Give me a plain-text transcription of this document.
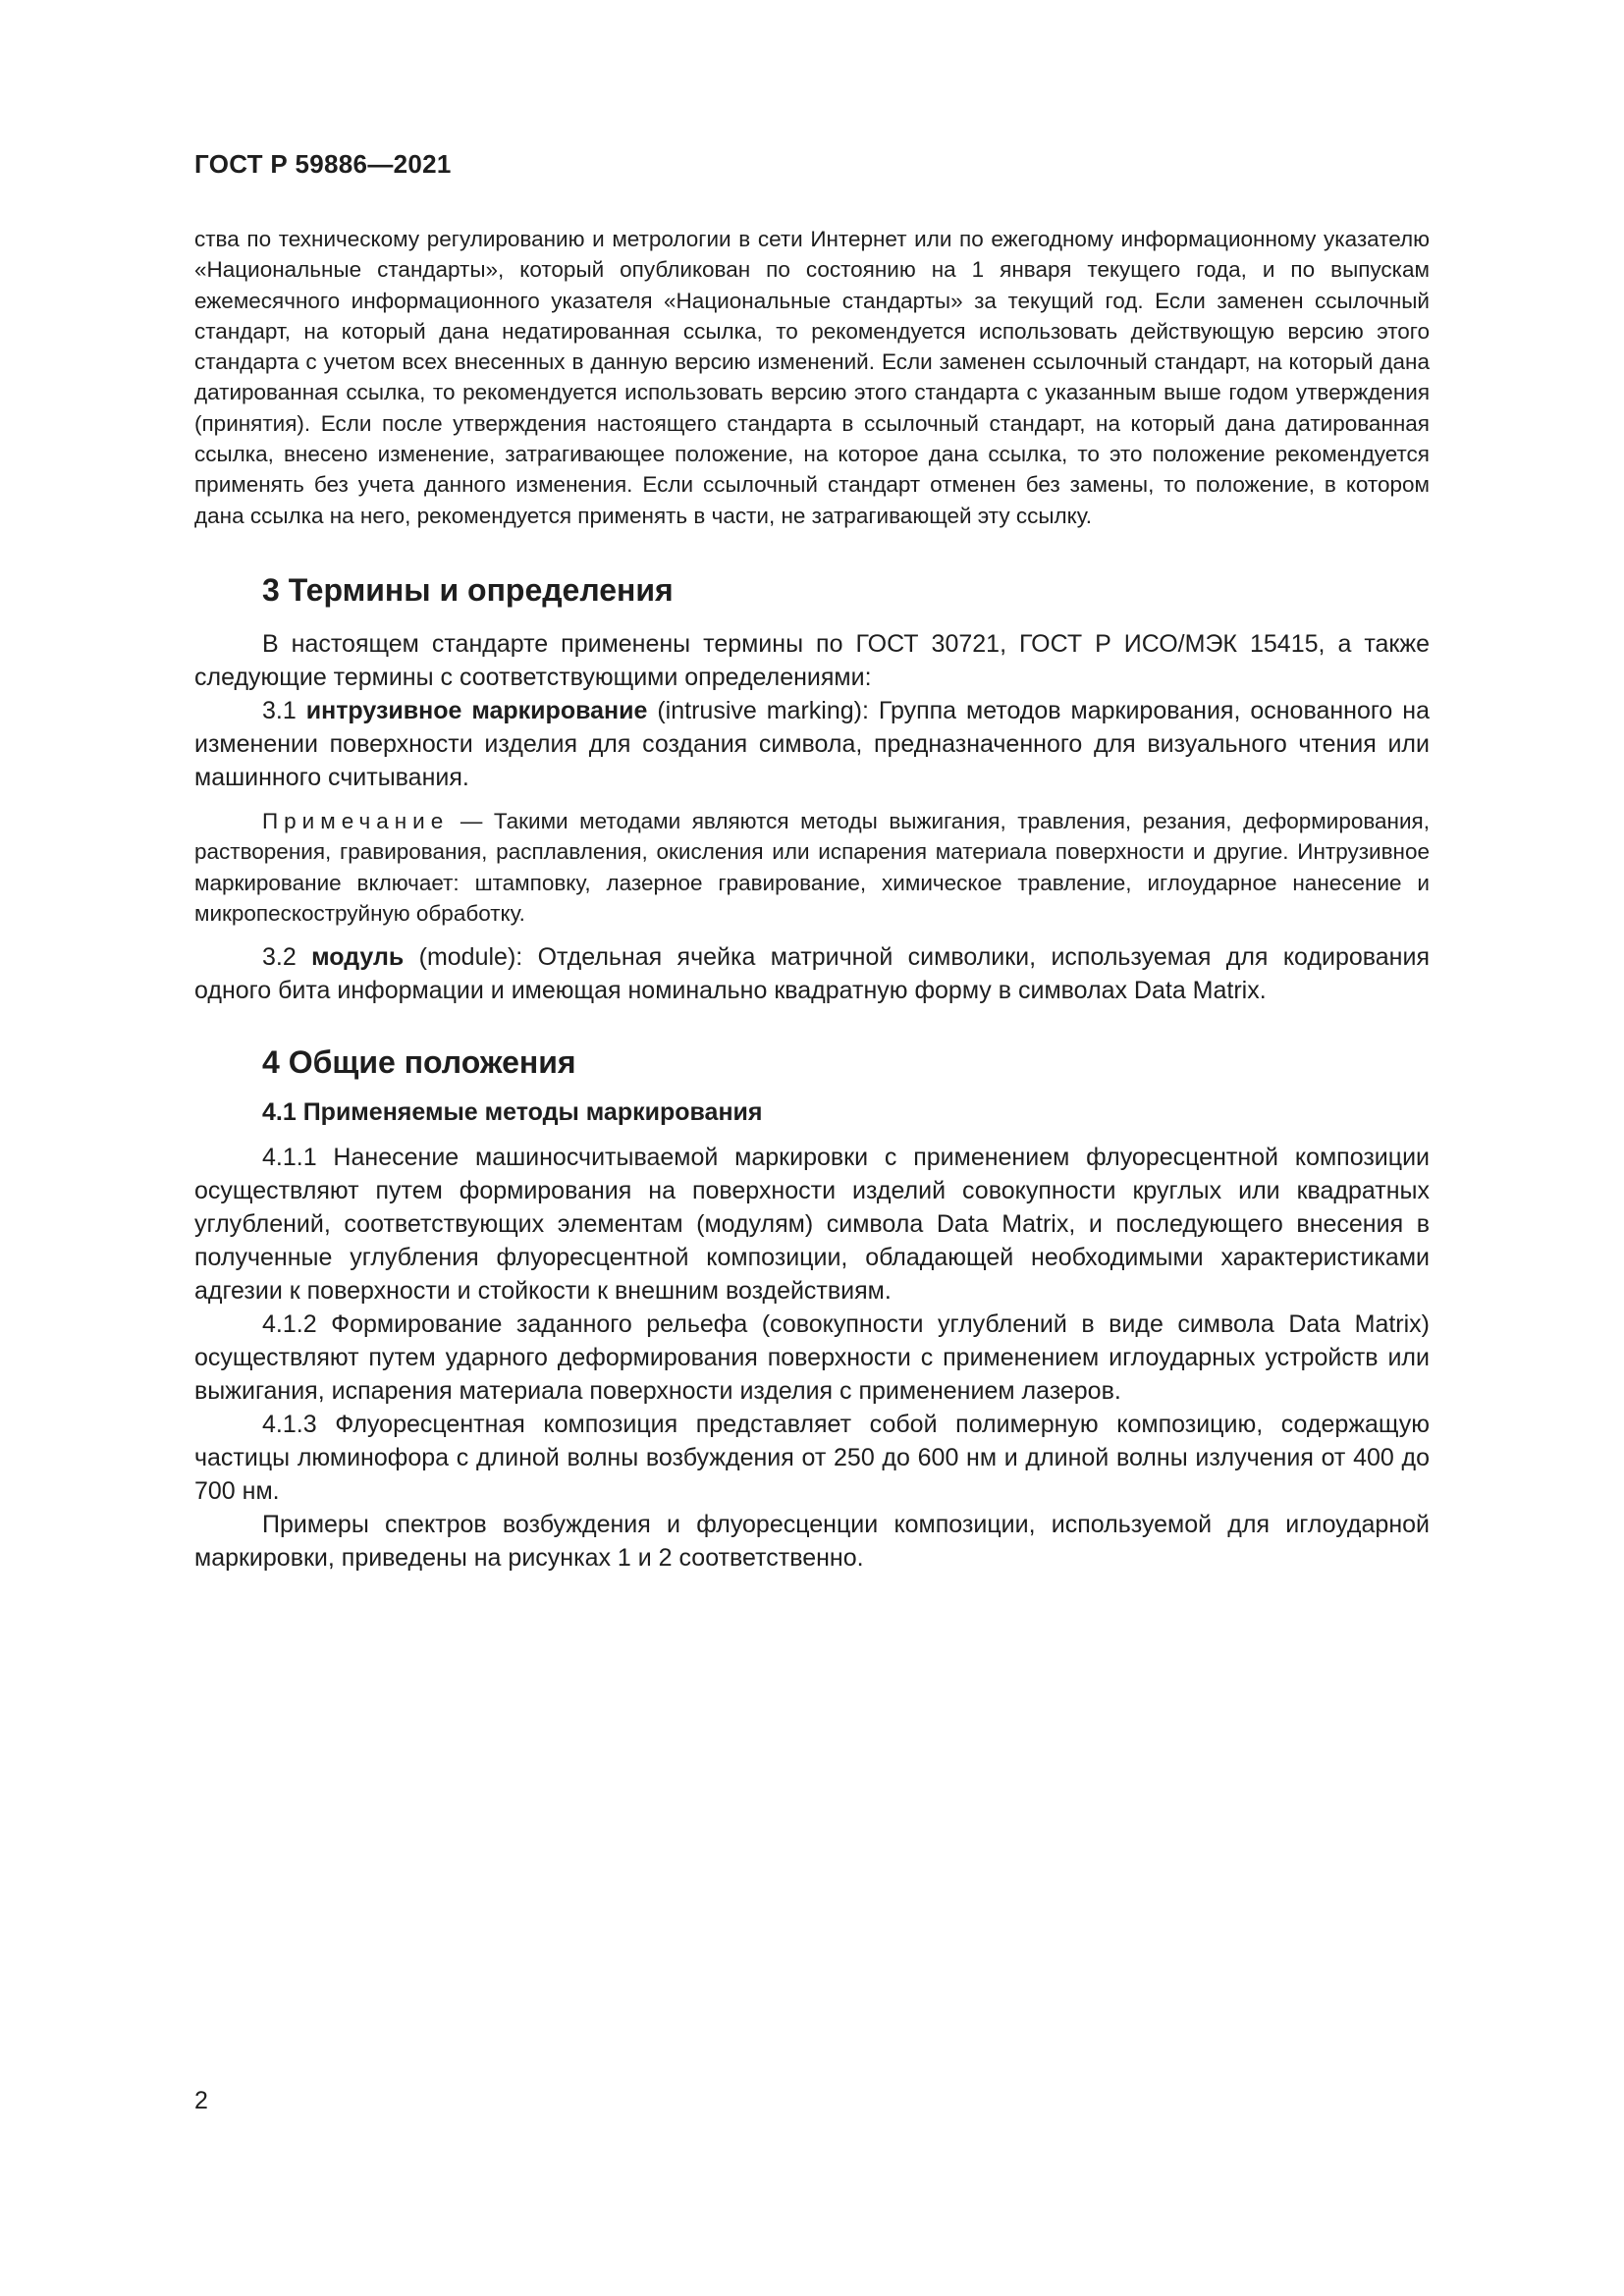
ГОСТ Р 59886—2021

ства по техническому регулированию и метрологии в сети Интернет или по ежегодному информационному указателю «Национальные стандарты», который опубликован по состоянию на 1 января текущего года, и по выпускам ежемесячного информационного указателя «Национальные стандарты» за текущий год. Если заменен ссылочный стандарт, на который дана недатированная ссылка, то рекомендуется использовать действующую версию этого стандарта с учетом всех внесенных в данную версию изменений. Если заменен ссылочный стандарт, на который дана датированная ссылка, то рекомендуется использовать версию этого стандарта с указанным выше годом утверждения (принятия). Если после утверждения настоящего стандарта в ссылочный стандарт, на который дана датированная ссылка, внесено изменение, затрагивающее положение, на которое дана ссылка, то это положение рекомендуется применять без учета данного изменения. Если ссылочный стандарт отменен без замены, то положение, в котором дана ссылка на него, рекомендуется применять в части, не затрагивающей эту ссылку.

3 Термины и определения

В настоящем стандарте применены термины по ГОСТ 30721, ГОСТ Р ИСО/МЭК 15415, а также следующие термины с соответствующими определениями:

3.1 интрузивное маркирование (intrusive marking): Группа методов маркирования, основанного на изменении поверхности изделия для создания символа, предназначенного для визуального чтения или машинного считывания.

Примечание — Такими методами являются методы выжигания, травления, резания, деформирования, растворения, гравирования, расплавления, окисления или испарения материала поверхности и другие. Интрузивное маркирование включает: штамповку, лазерное гравирование, химическое травление, иглоударное нанесение и микропескоструйную обработку.

3.2 модуль (module): Отдельная ячейка матричной символики, используемая для кодирования одного бита информации и имеющая номинально квадратную форму в символах Data Matrix.

4 Общие положения
4.1 Применяемые методы маркирования

4.1.1 Нанесение машиносчитываемой маркировки с применением флуоресцентной композиции осуществляют путем формирования на поверхности изделий совокупности круглых или квадратных углублений, соответствующих элементам (модулям) символа Data Matrix, и последующего внесения в полученные углубления флуоресцентной композиции, обладающей необходимыми характеристиками адгезии к поверхности и стойкости к внешним воздействиям.

4.1.2 Формирование заданного рельефа (совокупности углублений в виде символа Data Matrix) осуществляют путем ударного деформирования поверхности с применением иглоударных устройств или выжигания, испарения материала поверхности изделия с применением лазеров.

4.1.3 Флуоресцентная композиция представляет собой полимерную композицию, содержащую частицы люминофора с длиной волны возбуждения от 250 до 600 нм и длиной волны излучения от 400 до 700 нм.

Примеры спектров возбуждения и флуоресценции композиции, используемой для иглоударной маркировки, приведены на рисунках 1 и 2 соответственно.

2
